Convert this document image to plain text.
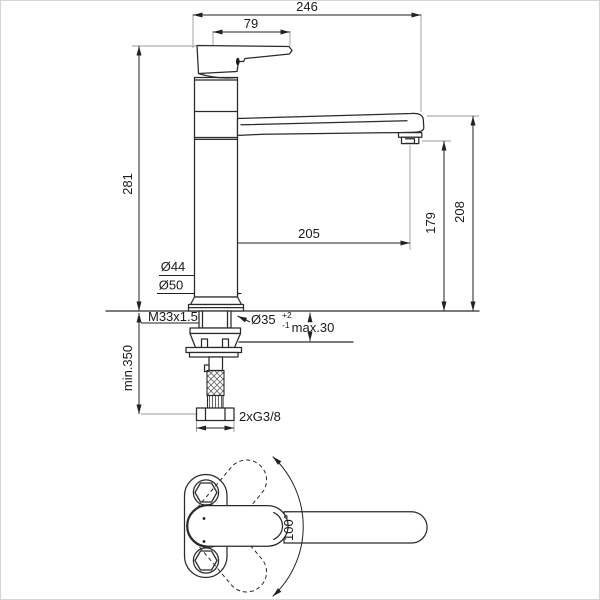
246
79
281
min.350
205	179
208
Ø44
Ø50
M33x1.5	Ø35 +2
-1 max.30
2xG3/8
100°
